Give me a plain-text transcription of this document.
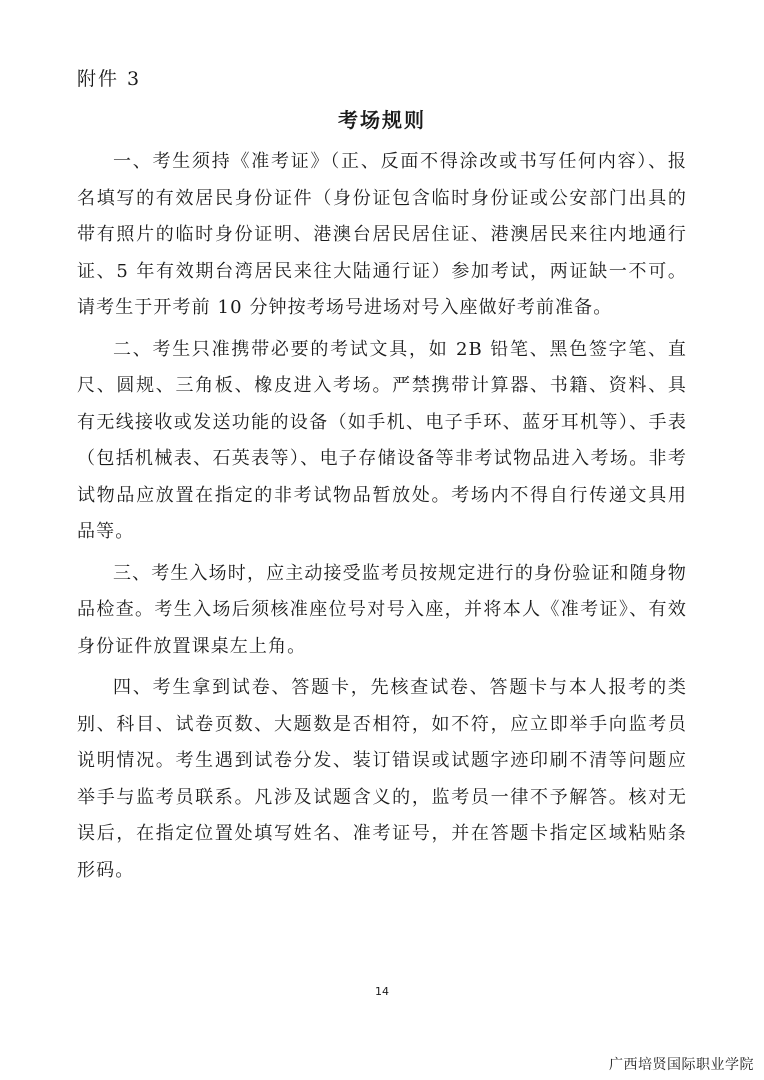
附件 3
考场规则

一、考生须持《准考证》（正、反面不得涂改或书写任何内容）、报名填写的有效居民身份证件（身份证包含临时身份证或公安部门出具的带有照片的临时身份证明、港澳台居民居住证、港澳居民来往内地通行证、5 年有效期台湾居民来往大陆通行证）参加考试，两证缺一不可。请考生于开考前 10 分钟按考场号进场对号入座做好考前准备。

二、考生只准携带必要的考试文具，如 2B 铅笔、黑色签字笔、直尺、圆规、三角板、橡皮进入考场。严禁携带计算器、书籍、资料、具有无线接收或发送功能的设备（如手机、电子手环、蓝牙耳机等）、手表（包括机械表、石英表等）、电子存储设备等非考试物品进入考场。非考试物品应放置在指定的非考试物品暂放处。考场内不得自行传递文具用品等。

三、考生入场时，应主动接受监考员按规定进行的身份验证和随身物品检查。考生入场后须核准座位号对号入座，并将本人《准考证》、有效身份证件放置课桌左上角。

四、考生拿到试卷、答题卡，先核查试卷、答题卡与本人报考的类别、科目、试卷页数、大题数是否相符，如不符，应立即举手向监考员说明情况。考生遇到试卷分发、装订错误或试题字迹印刷不清等问题应举手与监考员联系。凡涉及试题含义的，监考员一律不予解答。核对无误后，在指定位置处填写姓名、准考证号，并在答题卡指定区域粘贴条形码。

14
广西培贤国际职业学院
